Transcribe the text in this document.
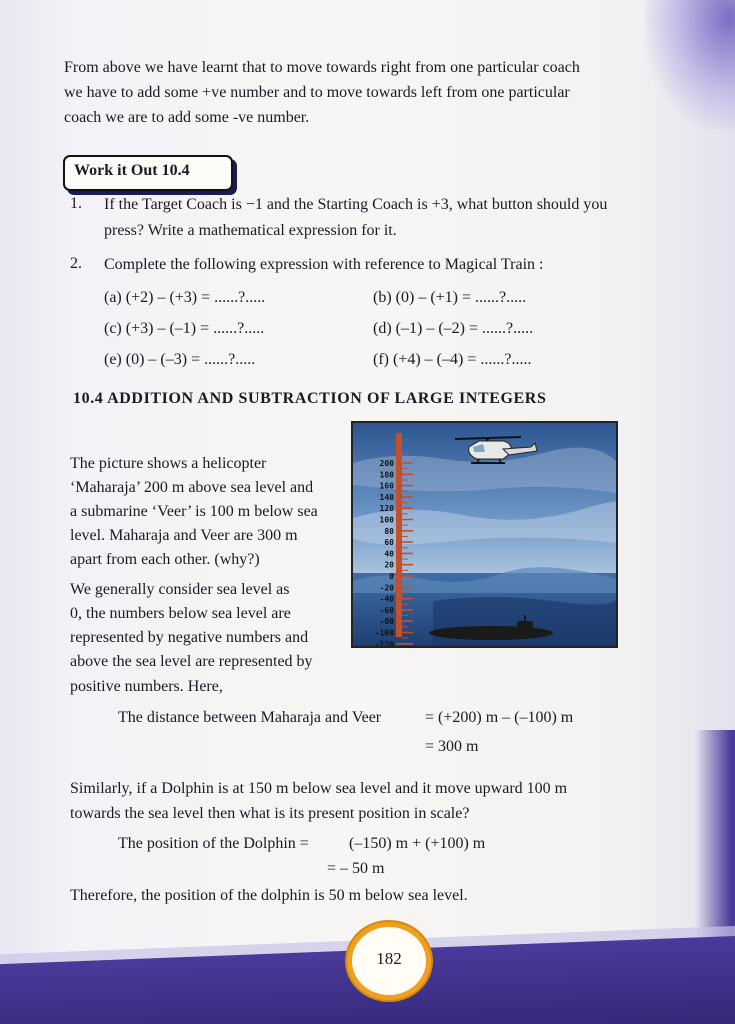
From above we have learnt that to move towards right from one particular coach
we have to add some +ve number and to move towards left from one particular
coach we are to add some -ve number.
Work it Out 10.4
1. If the Target Coach is −1 and the Starting Coach is +3, what button should you
press? Write a mathematical expression for it.
2. Complete the following expression with reference to Magical Train :
(a) (+2) – (+3) = ......?.....	(b) (0) – (+1) = ......?.....
(c) (+3) – (–1) = ......?.....	(d) (–1) – (–2) = ......?.....
(e) (0) – (–3) = ......?.....	(f) (+4) – (–4) = ......?.....
10.4 ADDITION AND SUBTRACTION OF LARGE INTEGERS
The picture shows a helicopter
‘Maharaja’ 200 m above sea level and
a submarine ‘Veer’ is 100 m below sea
level. Maharaja and Veer are 300 m
apart from each other. (why?)
We generally consider sea level as
0, the numbers below sea level are
represented by negative numbers and
above the sea level are represented by
positive numbers. Here,
200
180
160
140
120
100
80
60
40
20
0
-20
-40
-60
-80
-100
-120
The distance between Maharaja and Veer	= (+200) m – (–100) m
= 300 m
Similarly, if a Dolphin is at 150 m below sea level and it move upward 100 m
towards the sea level then what is its present position in scale?
The position of the Dolphin =	(–150) m + (+100) m
= – 50 m
Therefore, the position of the dolphin is 50 m below sea level.
182
